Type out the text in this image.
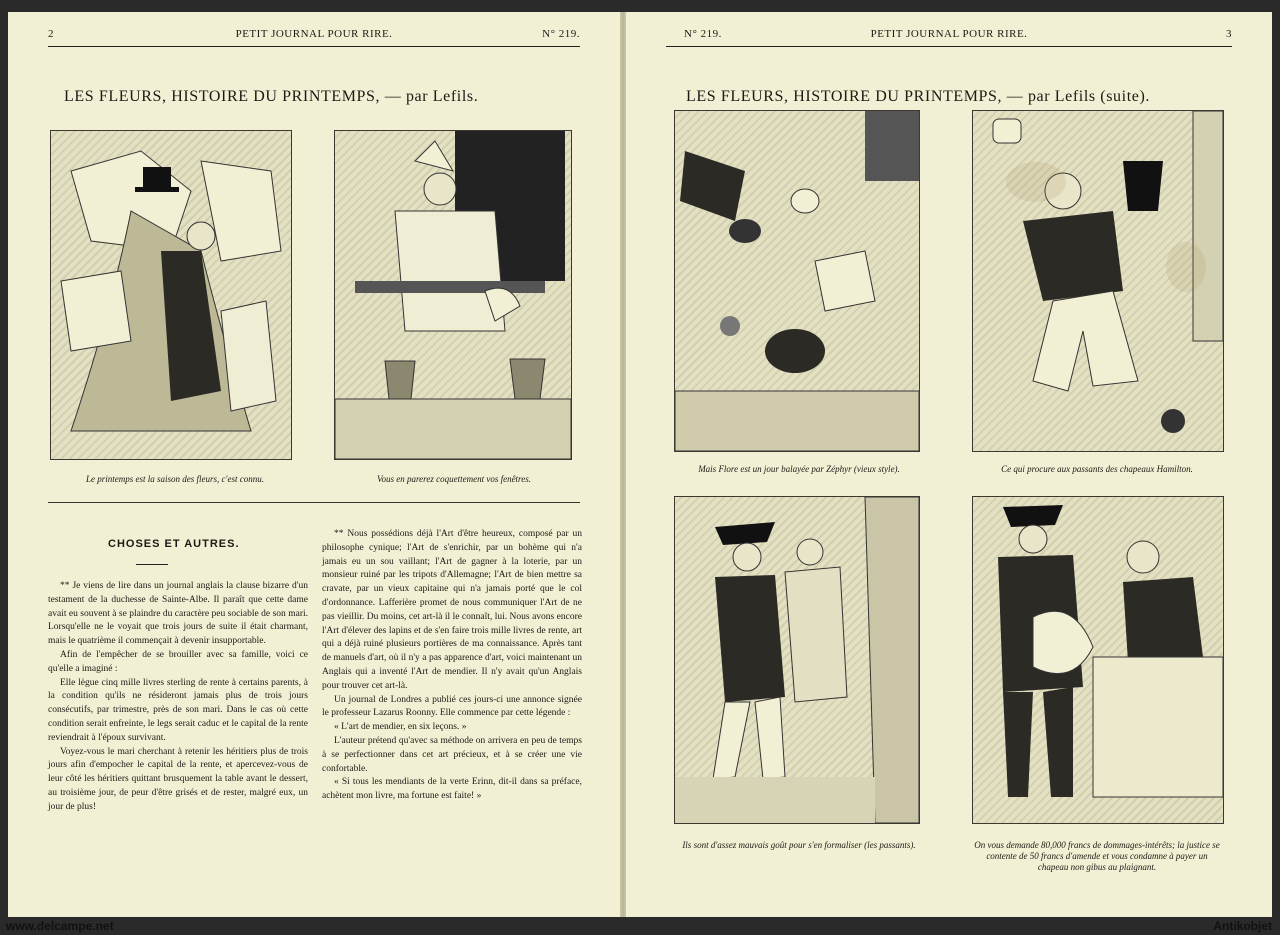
2	PETIT JOURNAL POUR RIRE.	N° 219.
LES FLEURS, HISTOIRE DU PRINTEMPS, — par Lefils.
Le printemps est la saison des fleurs, c'est connu.	Vous en parerez coquettement vos fenêtres.
CHOSES ET AUTRES.

** Je viens de lire dans un journal anglais la clause bizarre d'un testament de la duchesse de Sainte-Albe. Il paraît que cette dame avait eu souvent à se plaindre du caractère peu sociable de son mari. Lorsqu'elle ne le voyait que trois jours de suite il était charmant, mais le quatrième il commençait à devenir insupportable.

Afin de l'empêcher de se brouiller avec sa famille, voici ce qu'elle a imaginé :

Elle lègue cinq mille livres sterling de rente à certains parents, à la condition qu'ils ne résideront jamais plus de trois jours consécutifs, par trimestre, près de son mari. Dans le cas où cette condition serait enfreinte, le legs serait caduc et le capital de la rente reviendrait à l'époux survivant.

Voyez-vous le mari cherchant à retenir les héritiers plus de trois jours afin d'empocher le capital de la rente, et apercevez-vous de leur côté les héritiers quittant brusquement la table avant le dessert, au troisième jour, de peur d'être grisés et de rester, malgré eux, un jour de plus!

** Nous possédions déjà l'Art d'être heureux, composé par un philosophe cynique; l'Art de s'enrichir, par un bohème qui n'a jamais eu un sou vaillant; l'Art de gagner à la loterie, par un monsieur ruiné par les tripots d'Allemagne; l'Art de bien mettre sa cravate, par un vieux capitaine qui n'a jamais porté que le col d'ordonnance. Lafferière promet de nous communiquer l'Art de ne pas vieillir. Du moins, cet art-là il le connaît, lui. Nous avons encore l'Art d'élever des lapins et de s'en faire trois mille livres de rente, art qui a déjà ruiné plusieurs portières de ma connaissance. Après tant de manuels d'art, où il n'y a pas apparence d'art, voici maintenant un Anglais qui a inventé l'Art de mendier. Il n'y avait qu'un Anglais pour trouver cet art-là.

Un journal de Londres a publié ces jours-ci une annonce signée le professeur Lazarus Roonny. Elle commence par cette légende :

« L'art de mendier, en six leçons. »

L'auteur prétend qu'avec sa méthode on arrivera en peu de temps à se perfectionner dans cet art précieux, et à se créer une vie confortable.

« Si tous les mendiants de la verte Erinn, dit-il dans sa préface, achètent mon livre, ma fortune est faite! »

3
PETIT JOURNAL POUR RIRE.
N° 219.
LES FLEURS, HISTOIRE DU PRINTEMPS, — par Lefils (suite).
Mais Flore est un jour balayée par Zéphyr (vieux style).	Ce qui procure aux passants des chapeaux Hamilton.
Ils sont d'assez mauvais goût pour s'en formaliser (les passants).	On vous demande 80,000 francs de dommages-intérêts; la justice se contente de 50 francs d'amende et vous condamne à payer un chapeau non gibus au plaignant.
www.delcampe.net	Antikobjet
